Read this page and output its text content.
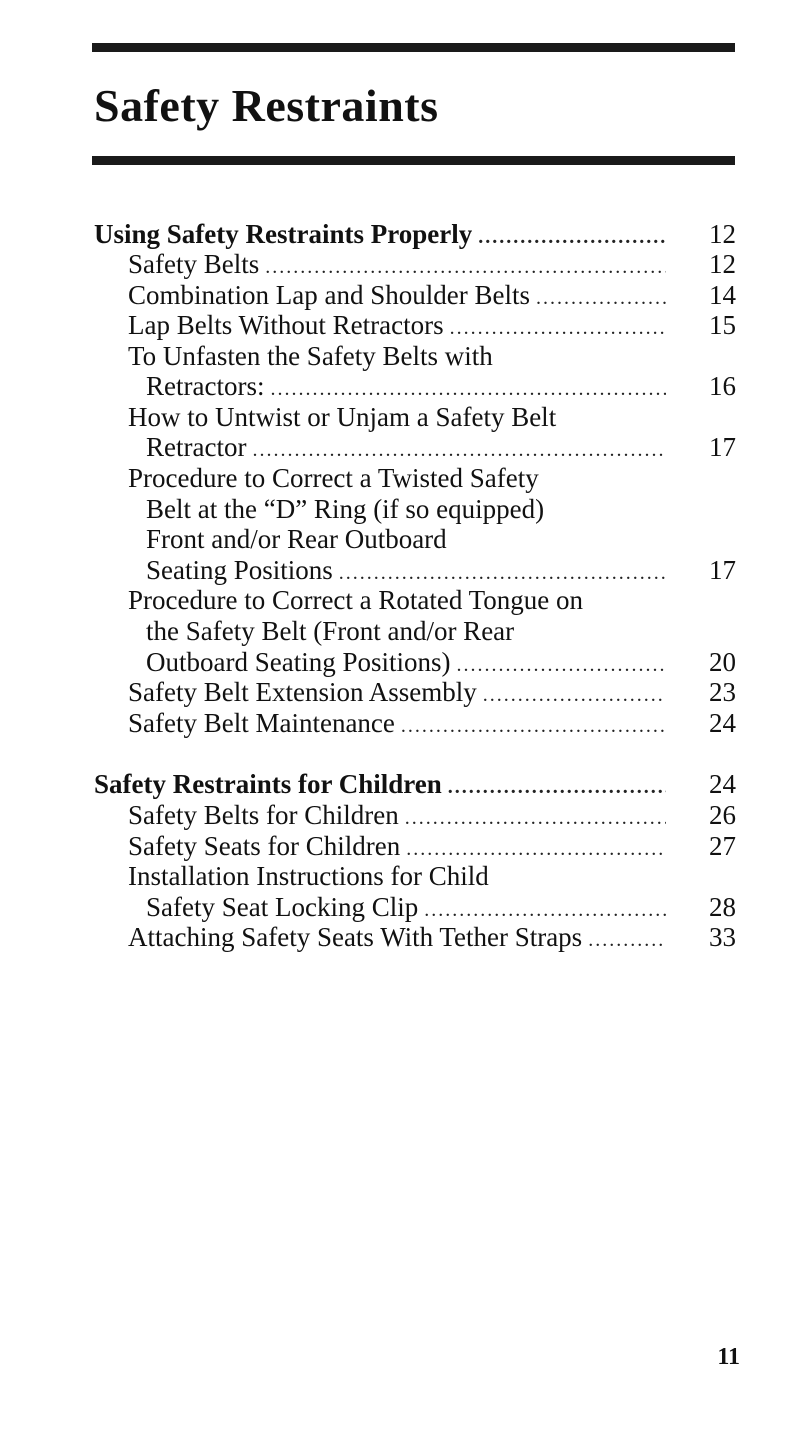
Safety Restraints
Using Safety Restraints Properly .....	12
Safety Belts .....	12
Combination Lap and Shoulder Belts .....	14
Lap Belts Without Retractors .....	15
To Unfasten the Safety Belts with
Retractors: .....	16
How to Untwist or Unjam a Safety Belt
Retractor .....	17
Procedure to Correct a Twisted Safety
Belt at the “D” Ring (if so equipped)
Front and/or Rear Outboard
Seating Positions .....	17
Procedure to Correct a Rotated Tongue on
the Safety Belt (Front and/or Rear
Outboard Seating Positions) .....	20
Safety Belt Extension Assembly .....	23
Safety Belt Maintenance .....	24
Safety Restraints for Children .....	24
Safety Belts for Children .....	26
Safety Seats for Children .....	27
Installation Instructions for Child
Safety Seat Locking Clip .....	28
Attaching Safety Seats With Tether Straps .....	33
11
